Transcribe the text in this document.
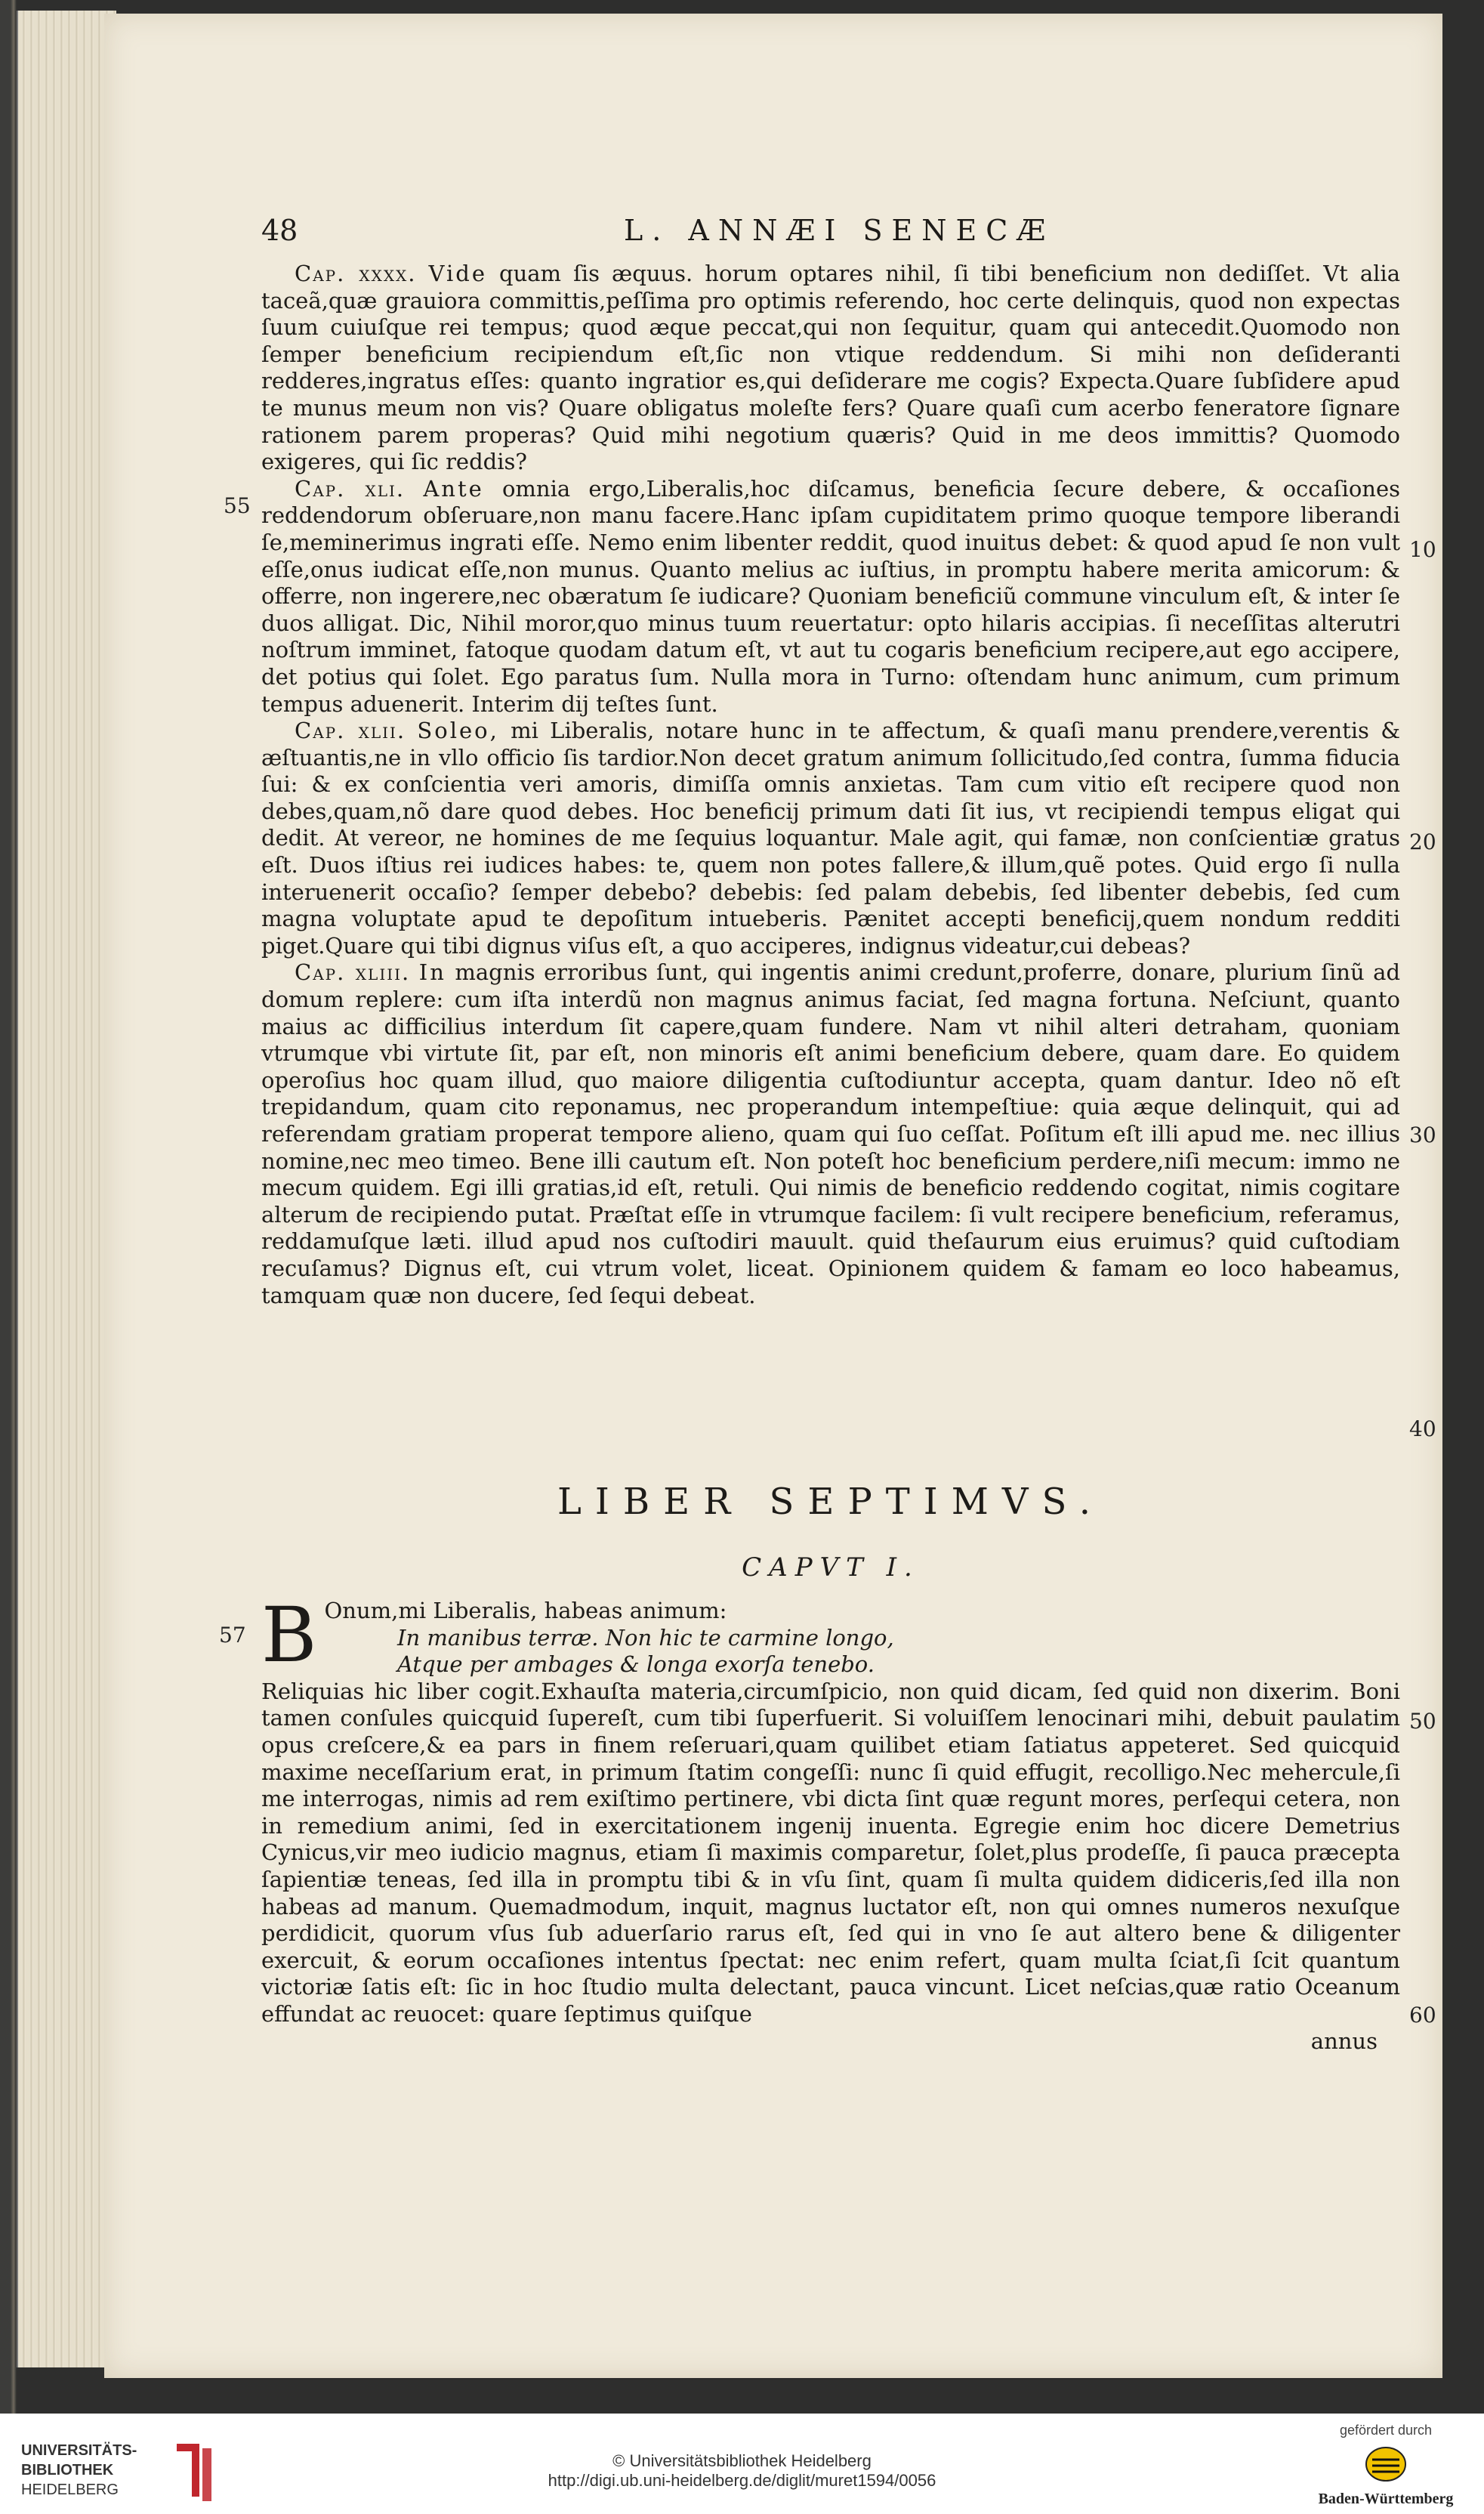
48	L. ANNÆI SENECÆ
55
57
10
20
30
40
50
60

Cap. xxxx. Vide quam ſis æquus. horum optares nihil, ſi tibi beneficium non dediſſet. Vt alia taceã,quæ grauiora committis,peſſima pro optimis referendo, hoc certe delinquis, quod non expectas ſuum cuiuſque rei tempus; quod æque peccat,qui non ſequitur, quam qui antecedit.Quomodo non ſemper beneficium recipiendum eſt,ſic non vtique reddendum. Si mihi non deſideranti redderes,ingratus eſſes: quanto ingratior es,qui deſiderare me cogis? Expecta.Quare ſubſidere apud te munus meum non vis? Quare obligatus moleſte fers? Quare quaſi cum acerbo feneratore ſignare rationem parem properas? Quid mihi negotium quæris? Quid in me deos immittis? Quomodo exigeres, qui ſic reddis?

Cap. xli. Ante omnia ergo,Liberalis,hoc diſcamus, beneficia ſecure debere, & occaſiones reddendorum obſeruare,non manu facere.Hanc ipſam cupiditatem primo quoque tempore liberandi ſe,meminerimus ingrati eſſe. Nemo enim libenter reddit, quod inuitus debet: & quod apud ſe non vult eſſe,onus iudicat eſſe,non munus. Quanto melius ac iuſtius, in promptu habere merita amicorum: & offerre, non ingerere,nec obæratum ſe iudicare? Quoniam beneficiũ commune vinculum eſt, & inter ſe duos alligat. Dic, Nihil moror,quo minus tuum reuertatur: opto hilaris accipias. ſi neceſſitas alterutri noſtrum imminet, fatoque quodam datum eſt, vt aut tu cogaris beneficium recipere,aut ego accipere, det potius qui ſolet. Ego paratus ſum. Nulla mora in Turno: oſtendam hunc animum, cum primum tempus aduenerit. Interim dij teſtes ſunt.

Cap. xlii. Soleo, mi Liberalis, notare hunc in te affectum, & quaſi manu prendere,verentis & æſtuantis,ne in vllo officio ſis tardior.Non decet gratum animum ſollicitudo,ſed contra, ſumma fiducia ſui: & ex conſcientia veri amoris, dimiſſa omnis anxietas. Tam cum vitio eſt recipere quod non debes,quam,nõ dare quod debes. Hoc beneficij primum dati ſit ius, vt recipiendi tempus eligat qui dedit. At vereor, ne homines de me ſequius loquantur. Male agit, qui famæ, non conſcientiæ gratus eſt. Duos iſtius rei iudices habes: te, quem non potes fallere,& illum,quẽ potes. Quid ergo ſi nulla interuenerit occaſio? ſemper debebo? debebis: ſed palam debebis, ſed libenter debebis, ſed cum magna voluptate apud te depoſitum intueberis. Pænitet accepti beneficij,quem nondum redditi piget.Quare qui tibi dignus viſus eſt, a quo acciperes, indignus videatur,cui debeas?

Cap. xliii. In magnis erroribus ſunt, qui ingentis animi credunt,proferre, donare, plurium ſinũ ad domum replere: cum iſta interdũ non magnus animus faciat, ſed magna fortuna. Neſciunt, quanto maius ac difficilius interdum ſit capere,quam fundere. Nam vt nihil alteri detraham, quoniam vtrumque vbi virtute ſit, par eſt, non minoris eſt animi beneficium debere, quam dare. Eo quidem operoſius hoc quam illud, quo maiore diligentia cuſtodiuntur accepta, quam dantur. Ideo nõ eſt trepidandum, quam cito reponamus, nec properandum intempeſtiue: quia æque delinquit, qui ad referendam gratiam properat tempore alieno, quam qui ſuo ceſſat. Poſitum eſt illi apud me. nec illius nomine,nec meo timeo. Bene illi cautum eſt. Non poteſt hoc beneficium perdere,niſi mecum: immo ne mecum quidem. Egi illi gratias,id eſt, retuli. Qui nimis de beneficio reddendo cogitat, nimis cogitare alterum de recipiendo putat. Præſtat eſſe in vtrumque facilem: ſi vult recipere beneficium, referamus, reddamuſque læti. illud apud nos cuſtodiri mauult. quid theſaurum eius eruimus? quid cuſtodiam recuſamus? Dignus eſt, cui vtrum volet, liceat. Opinionem quidem & famam eo loco habeamus, tamquam quæ non ducere, ſed ſequi debeat.

LIBER SEPTIMVS.
CAPVT I.
B Onum,mi Liberalis, habeas animum:
In manibus terræ. Non hic te carmine longo,
Atque per ambages & longa exorſa tenebo.

Reliquias hic liber cogit.Exhauſta materia,circumſpicio, non quid dicam, ſed quid non dixerim. Boni tamen conſules quicquid ſupereſt, cum tibi ſuperfuerit. Si voluiſſem lenocinari mihi, debuit paulatim opus creſcere,& ea pars in finem reſeruari,quam quilibet etiam ſatiatus appeteret. Sed quicquid maxime neceſſarium erat, in primum ſtatim congeſſi: nunc ſi quid effugit, recolligo.Nec mehercule,ſi me interrogas, nimis ad rem exiſtimo pertinere, vbi dicta ſint quæ regunt mores, perſequi cetera, non in remedium animi, ſed in exercitationem ingenij inuenta. Egregie enim hoc dicere Demetrius Cynicus,vir meo iudicio magnus, etiam ſi maximis comparetur, ſolet,plus prodeſſe, ſi pauca præcepta ſapientiæ teneas, ſed illa in promptu tibi & in vſu ſint, quam ſi multa quidem didiceris,ſed illa non habeas ad manum. Quemadmodum, inquit, magnus luctator eſt, non qui omnes numeros nexuſque perdidicit, quorum vſus ſub aduerſario rarus eſt, ſed qui in vno ſe aut altero bene & diligenter exercuit, & eorum occaſiones intentus ſpectat: nec enim refert, quam multa ſciat,ſi ſcit quantum victoriæ ſatis eſt: ſic in hoc ſtudio multa delectant, pauca vincunt. Licet neſcias,quæ ratio Oceanum effundat ac reuocet: quare ſeptimus quiſque

annus
UNIVERSITÄTS-
BIBLIOTHEK
HEIDELBERG
© Universitätsbibliothek Heidelberg
http://digi.ub.uni-heidelberg.de/diglit/muret1594/0056
gefördert durch
Baden-Württemberg
